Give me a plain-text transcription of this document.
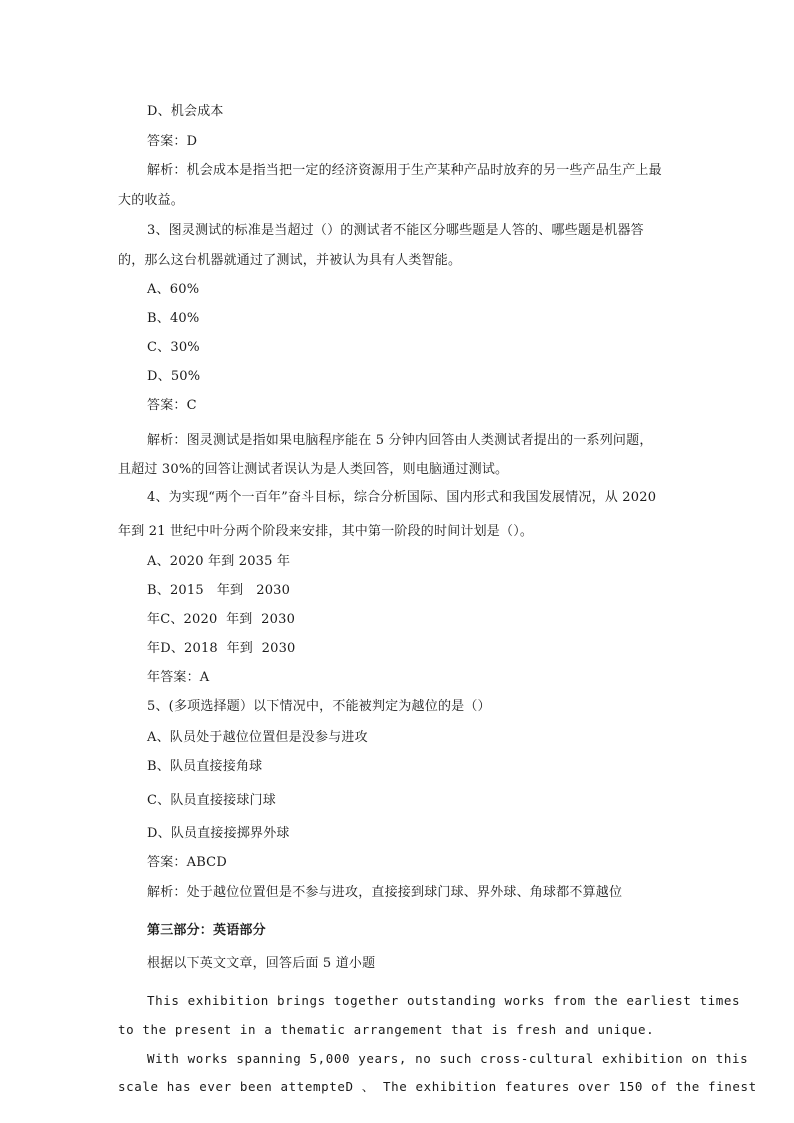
D、机会成本
答案：D
解析：机会成本是指当把一定的经济资源用于生产某种产品时放弃的另一些产品生产上最
大的收益。
3、图灵测试的标准是当超过（）的测试者不能区分哪些题是人答的、哪些题是机器答
的，那么这台机器就通过了测试，并被认为具有人类智能。
A、60%
B、40%
C、30%
D、50%
答案：C
解析：图灵测试是指如果电脑程序能在 5 分钟内回答由人类测试者提出的一系列问题，
且超过 30%的回答让测试者误认为是人类回答，则电脑通过测试。
4、为实现“两个一百年”奋斗目标，综合分析国际、国内形式和我国发展情况，从 2020
年到 21 世纪中叶分两个阶段来安排，其中第一阶段的时间计划是（）。
A、2020 年到 2035 年
B、2015   年到   2030
年C、2020  年到  2030
年D、2018  年到  2030
年答案：A
5、(多项选择题）以下情况中，不能被判定为越位的是（）
A、队员处于越位位置但是没参与进攻
B、队员直接接角球
C、队员直接接球门球
D、队员直接接掷界外球
答案：ABCD
解析：处于越位位置但是不参与进攻，直接接到球门球、界外球、角球都不算越位
第三部分：英语部分
根据以下英文文章，回答后面 5 道小题
This exhibition brings together outstanding works from the earliest times
to the present in a thematic arrangement that is fresh and unique.
With works spanning 5,000 years, no such cross-cultural exhibition on this
scale has ever been attempteD 、 The exhibition features over 150 of the finest
